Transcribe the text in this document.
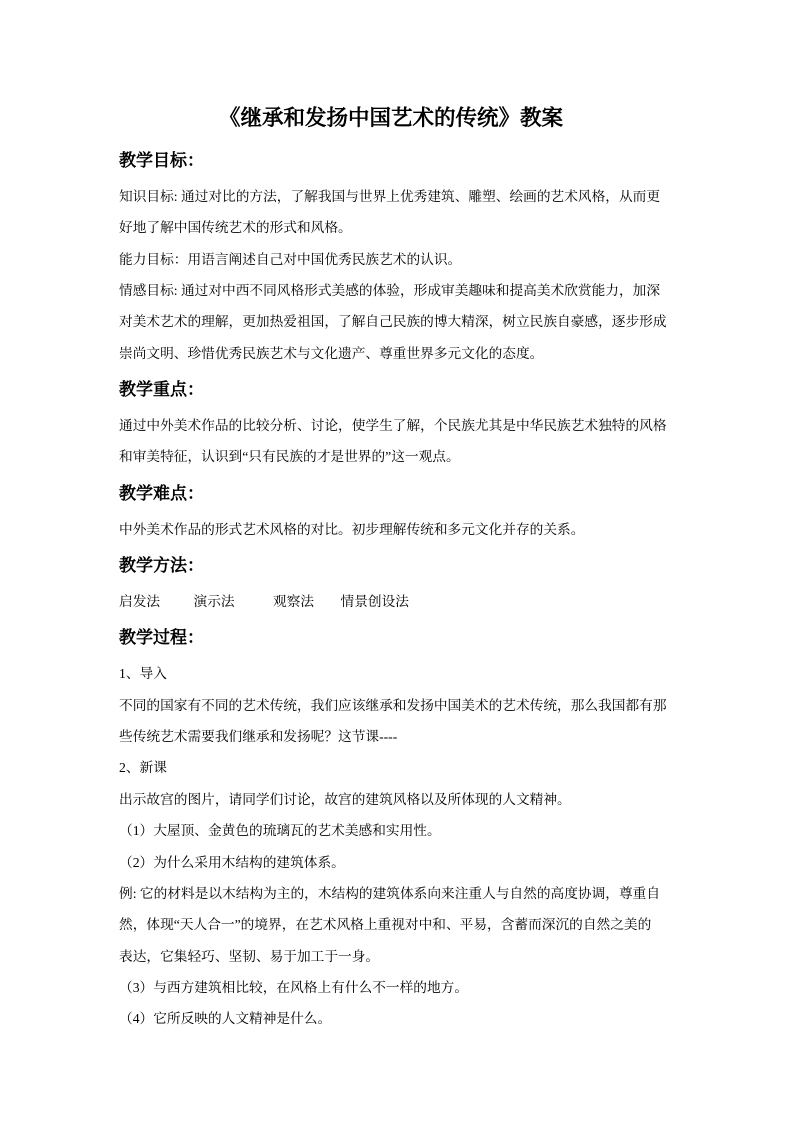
《继承和发扬中国艺术的传统》教案
教学目标：
知识目标: 通过对比的方法，了解我国与世界上优秀建筑、雕塑、绘画的艺术风格，从而更
好地了解中国传统艺术的形式和风格。
能力目标：用语言阐述自己对中国优秀民族艺术的认识。
情感目标: 通过对中西不同风格形式美感的体验，形成审美趣味和提高美术欣赏能力，加深
对美术艺术的理解，更加热爱祖国，了解自己民族的博大精深，树立民族自豪感，逐步形成
崇尚文明、珍惜优秀民族艺术与文化遗产、尊重世界多元文化的态度。
教学重点：
通过中外美术作品的比较分析、讨论，使学生了解，个民族尤其是中华民族艺术独特的风格
和审美特征，认识到“只有民族的才是世界的”这一观点。
教学难点：
中外美术作品的形式艺术风格的对比。初步理解传统和多元文化并存的关系。
教学方法：
启发法 演示法	观察法 情景创设法
教学过程：
1、导入
不同的国家有不同的艺术传统，我们应该继承和发扬中国美术的艺术传统，那么我国都有那
些传统艺术需要我们继承和发扬呢？这节课----
2、新课
出示故宫的图片，请同学们讨论，故宫的建筑风格以及所体现的人文精神。
（1）大屋顶、金黄色的琉璃瓦的艺术美感和实用性。
（2）为什么采用木结构的建筑体系。
例: 它的材料是以木结构为主的，木结构的建筑体系向来注重人与自然的高度协调，尊重自
然，体现“天人合一”的境界，在艺术风格上重视对中和、平易，含蓄而深沉的自然之美的
表达，它集轻巧、坚韧、易于加工于一身。
（3）与西方建筑相比较，在风格上有什么不一样的地方。
（4）它所反映的人文精神是什么。
